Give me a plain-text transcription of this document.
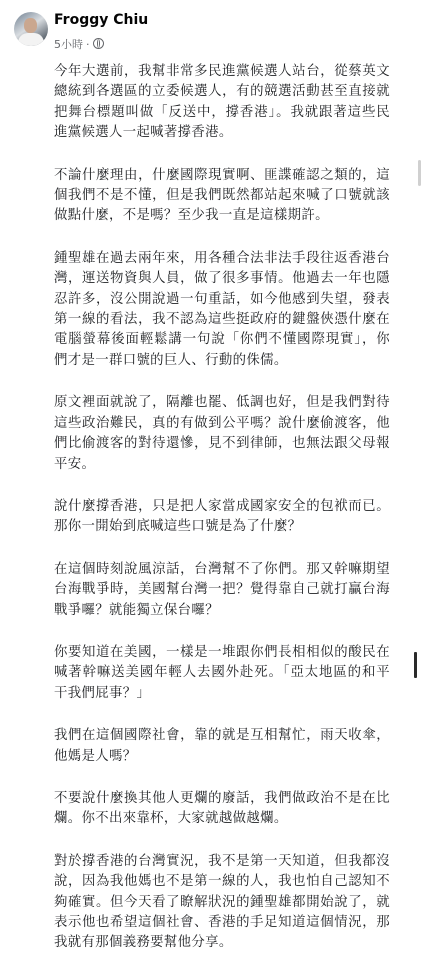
Froggy Chiu
5小時 ·

今年大選前，我幫非常多民進黨候選人站台，從蔡英文總統到各選區的立委候選人，有的競選活動甚至直接就把舞台標題叫做「反送中，撐香港」。我就跟著這些民進黨候選人一起喊著撐香港。

不論什麼理由，什麼國際現實啊、匪諜確認之類的，這個我們不是不懂，但是我們既然都站起來喊了口號就該做點什麼，不是嗎？至少我一直是這樣期許。

鍾聖雄在過去兩年來，用各種合法非法手段往返香港台灣，運送物資與人員，做了很多事情。他過去一年也隱忍許多，沒公開說過一句重話，如今他感到失望，發表第一線的看法，我不認為這些挺政府的鍵盤俠憑什麼在電腦螢幕後面輕鬆講一句說「你們不懂國際現實」，你們才是一群口號的巨人、行動的侏儒。

原文裡面就說了，隔離也罷、低調也好，但是我們對待這些政治難民，真的有做到公平嗎？說什麼偷渡客，他們比偷渡客的對待還慘，見不到律師，也無法跟父母報平安。

說什麼撐香港，只是把人家當成國家安全的包袱而已。那你一開始到底喊這些口號是為了什麼？

在這個時刻說風涼話，台灣幫不了你們。那又幹嘛期望台海戰爭時，美國幫台灣一把？覺得靠自己就打贏台海戰爭囉？就能獨立保台囉？

你要知道在美國，一樣是一堆跟你們長相相似的酸民在喊著幹嘛送美國年輕人去國外赴死。「亞太地區的和平干我們屁事？」

我們在這個國際社會，靠的就是互相幫忙，雨天收傘，他媽是人嗎？

不要說什麼換其他人更爛的廢話，我們做政治不是在比爛。你不出來靠杯，大家就越做越爛。

對於撐香港的台灣實況，我不是第一天知道，但我都沒說，因為我他媽也不是第一線的人，我也怕自己認知不夠確實。但今天看了瞭解狀況的鍾聖雄都開始說了，就表示他也希望這個社會、香港的手足知道這個情況，那我就有那個義務要幫他分享。
